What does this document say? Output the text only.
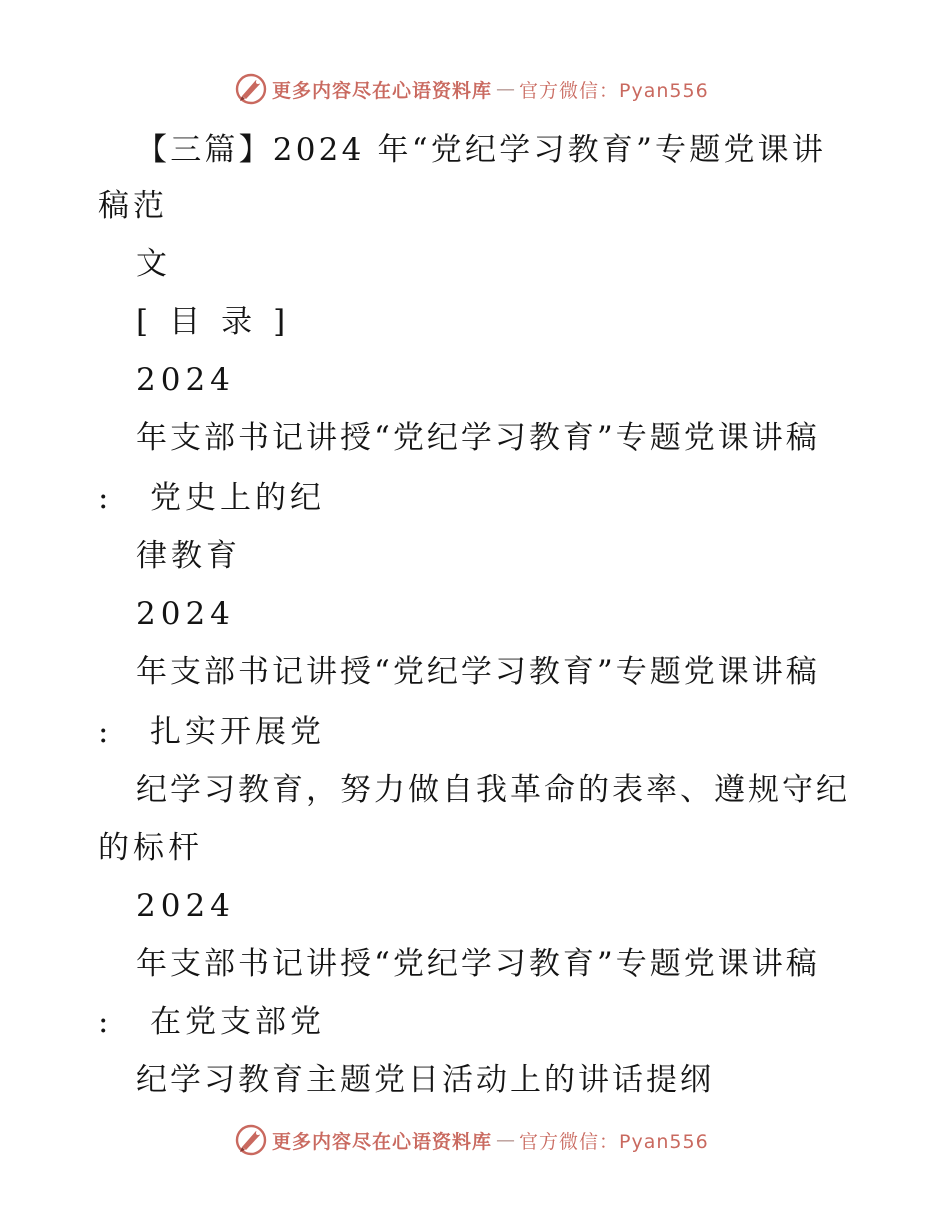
更多内容尽在心语资料库 — 官方微信：Pyan556
【三篇】2024 年“党纪学习教育”专题党课讲
稿范
文
[ 目 录 ]
2024
年支部书记讲授“党纪学习教育”专题党课讲稿
: 党史上的纪
律教育
2024
年支部书记讲授“党纪学习教育”专题党课讲稿
: 扎实开展党
纪学习教育，努力做自我革命的表率、遵规守纪
的标杆
2024
年支部书记讲授“党纪学习教育”专题党课讲稿
: 在党支部党
纪学习教育主题党日活动上的讲话提纲
更多内容尽在心语资料库 — 官方微信：Pyan556
